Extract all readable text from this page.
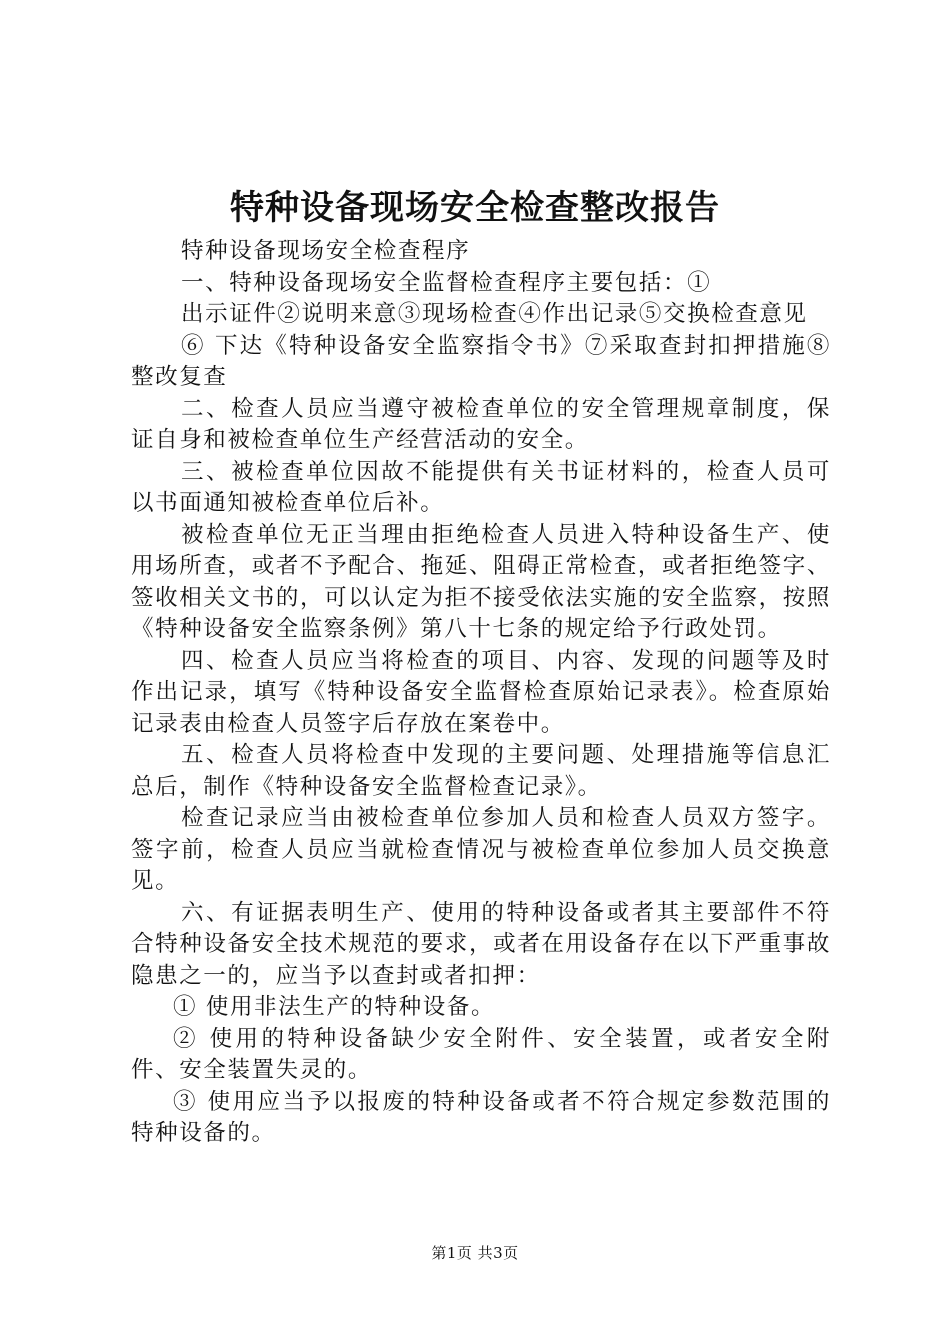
特种设备现场安全检查整改报告

特种设备现场安全检查程序

一、特种设备现场安全监督检查程序主要包括：①

出示证件②说明来意③现场检查④作出记录⑤交换检查意见

⑥ 下达《特种设备安全监察指令书》⑦采取查封扣押措施⑧整改复查

二、检查人员应当遵守被检查单位的安全管理规章制度，保证自身和被检查单位生产经营活动的安全。

三、被检查单位因故不能提供有关书证材料的，检查人员可以书面通知被检查单位后补。

被检查单位无正当理由拒绝检查人员进入特种设备生产、使用场所查，或者不予配合、拖延、阻碍正常检查，或者拒绝签字、签收相关文书的，可以认定为拒不接受依法实施的安全监察，按照《特种设备安全监察条例》第八十七条的规定给予行政处罚。

四、检查人员应当将检查的项目、内容、发现的问题等及时作出记录，填写《特种设备安全监督检查原始记录表》。检查原始记录表由检查人员签字后存放在案卷中。

五、检查人员将检查中发现的主要问题、处理措施等信息汇总后，制作《特种设备安全监督检查记录》。

检查记录应当由被检查单位参加人员和检查人员双方签字。签字前，检查人员应当就检查情况与被检查单位参加人员交换意见。

六、有证据表明生产、使用的特种设备或者其主要部件不符合特种设备安全技术规范的要求，或者在用设备存在以下严重事故隐患之一的，应当予以查封或者扣押：

① 使用非法生产的特种设备。

② 使用的特种设备缺少安全附件、安全装置，或者安全附件、安全装置失灵的。

③ 使用应当予以报废的特种设备或者不符合规定参数范围的特种设备的。

第1页 共3页
